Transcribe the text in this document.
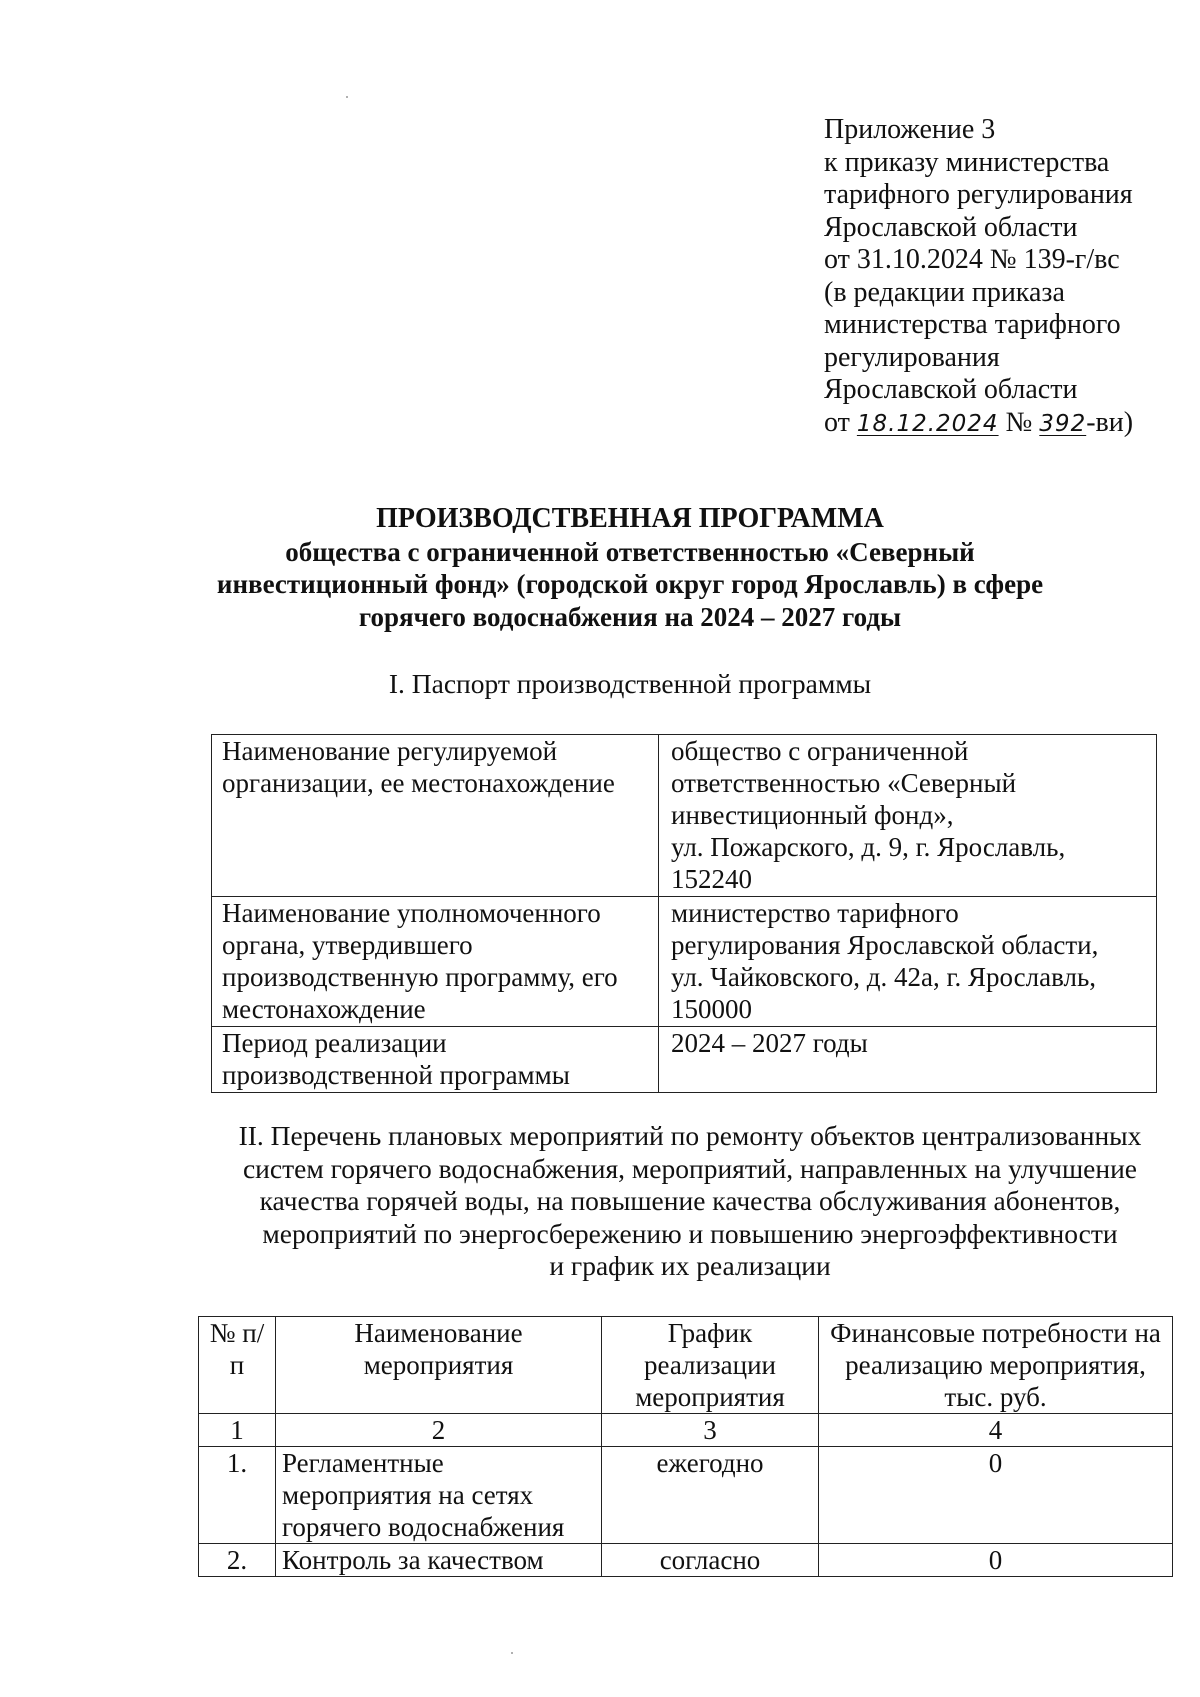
Приложение 3
к приказу министерства
тарифного регулирования
Ярославской области
от 31.10.2024 № 139-г/вс
(в редакции приказа
министерства тарифного
регулирования
Ярославской области
от 18.12.2024 № 392-ви)
ПРОИЗВОДСТВЕННАЯ ПРОГРАММА
общества с ограниченной ответственностью «Северный
инвестиционный фонд» (городской округ город Ярославль) в сфере
горячего водоснабжения на 2024 – 2027 годы
I. Паспорт производственной программы
Наименование регулируемой организации, ее местонахождение	общество с ограниченной
ответственностью «Северный
инвестиционный фонд»,
ул. Пожарского, д. 9, г. Ярославль,
152240

Наименование уполномоченного органа, утвердившего производственную программу, его местонахождение	министерство тарифного
регулирования Ярославской области,
ул. Чайковского, д. 42а, г. Ярославль,
150000

Период реализации производственной программы	2024 – 2027 годы
II. Перечень плановых мероприятий по ремонту объектов централизованных
систем горячего водоснабжения, мероприятий, направленных на улучшение
качества горячей воды, на повышение качества обслуживания абонентов,
мероприятий по энергосбережению и повышению энергоэффективности
и график их реализации
№ п/п	Наименование мероприятия	График реализации мероприятия	Финансовые потребности на реализацию мероприятия, тыс. руб.
1	2	3	4
1.	Регламентные мероприятия на сетях горячего водоснабжения	ежегодно	0
2.	Контроль за качеством	согласно	0
